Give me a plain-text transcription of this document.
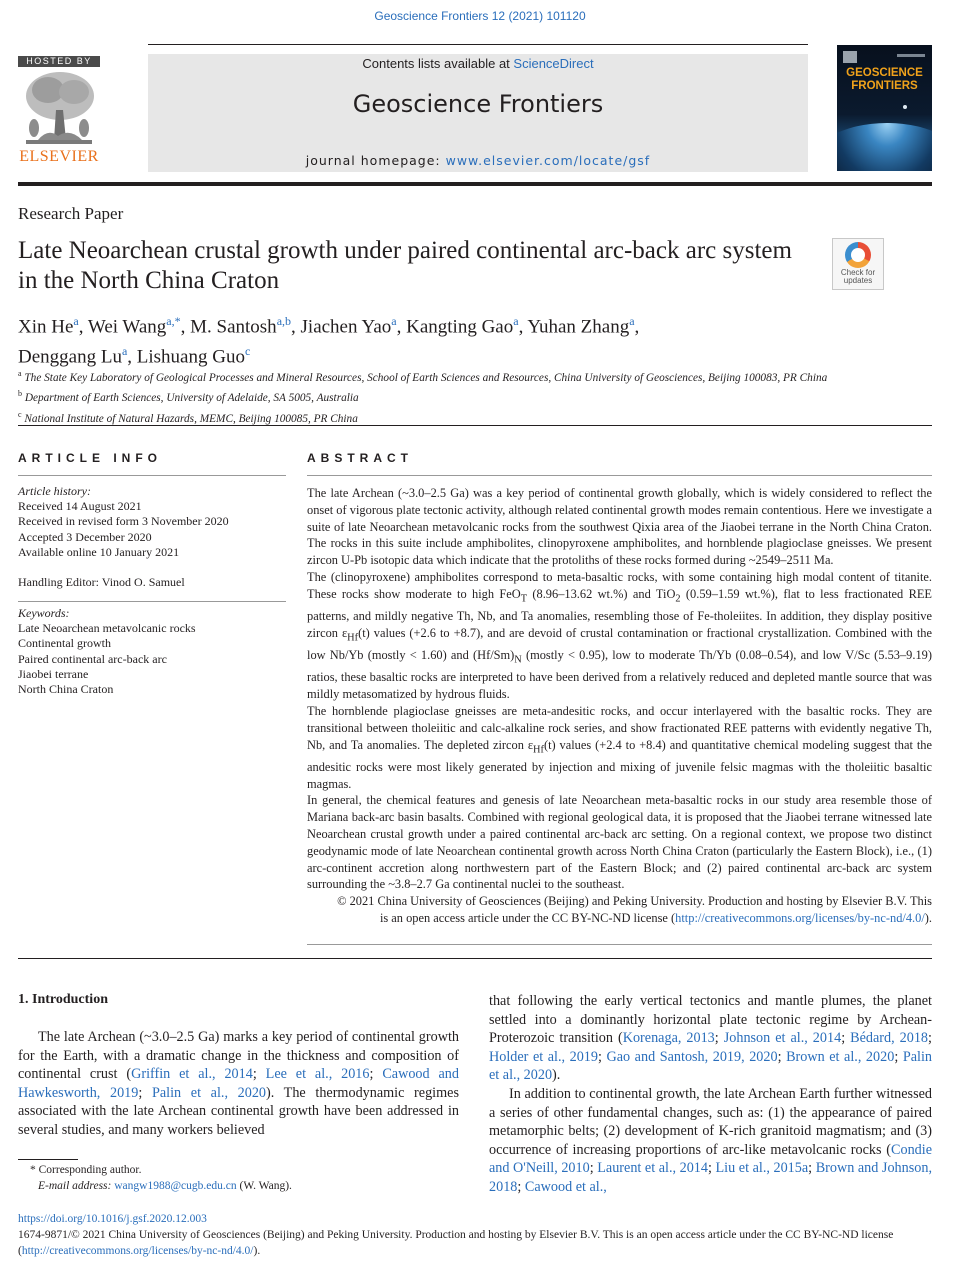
Geoscience Frontiers 12 (2021) 101120
HOSTED BY
ELSEVIER
Contents lists available at ScienceDirect
Geoscience Frontiers
journal homepage: www.elsevier.com/locate/gsf
GEOSCIENCE
FRONTIERS
Research Paper
Late Neoarchean crustal growth under paired continental arc-back arc system in the North China Craton	Check for
updates
Xin He$^a$, Wei Wang$^{a,*}$, M. Santosh$^{a,b}$, Jiachen Yao$^a$, Kangting Gao$^a$, Yuhan Zhang$^a$,
Denggang Lu$^a$, Lishuang Guo$^c$
$^a$ The State Key Laboratory of Geological Processes and Mineral Resources, School of Earth Sciences and Resources, China University of Geosciences, Beijing 100083, PR China
$^b$ Department of Earth Sciences, University of Adelaide, SA 5005, Australia
$^c$ National Institute of Natural Hazards, MEMC, Beijing 100085, PR China
ARTICLE INFO
Article history:
Received 14 August 2021
Received in revised form 3 November 2020
Accepted 3 December 2020
Available online 10 January 2021
Handling Editor: Vinod O. Samuel
Keywords:
Late Neoarchean metavolcanic rocks
Continental growth
Paired continental arc-back arc
Jiaobei terrane
North China Craton
ABSTRACT

The late Archean (~3.0–2.5 Ga) was a key period of continental growth globally, which is widely considered to reflect the onset of vigorous plate tectonic activity, although related continental growth modes remain contentious. Here we investigate a suite of late Neoarchean metavolcanic rocks from the southwest Qixia area of the Jiaobei terrane in the North China Craton. The rocks in this suite include amphibolites, clinopyroxene amphibolites, and hornblende plagioclase gneisses. We present zircon U-Pb isotopic data which indicate that the protoliths of these rocks formed during ~2549–2511 Ma.

The (clinopyroxene) amphibolites correspond to meta-basaltic rocks, with some containing high modal content of titanite. These rocks show moderate to high FeO$_T$ (8.96–13.62 wt.%) and TiO$_2$ (0.59–1.59 wt.%), flat to less fractionated REE patterns, and mildly negative Th, Nb, and Ta anomalies, resembling those of Fe-tholeiites. In addition, they display positive zircon $\varepsilon_{Hf}(t)$ values (+2.6 to +8.7), and are devoid of crustal contamination or fractional crystallization. Combined with the low Nb/Yb (mostly < 1.60) and $(Hf/Sm)_N$ (mostly < 0.95), low to moderate Th/Yb (0.08–0.54), and low V/Sc (5.53–9.19) ratios, these basaltic rocks are interpreted to have been derived from a relatively reduced and depleted mantle source that was mildly metasomatized by hydrous fluids.

The hornblende plagioclase gneisses are meta-andesitic rocks, and occur interlayered with the basaltic rocks. They are transitional between tholeiitic and calc-alkaline rock series, and show fractionated REE patterns with evidently negative Th, Nb, and Ta anomalies. The depleted zircon $\varepsilon_{Hf}(t)$ values (+2.4 to +8.4) and quantitative chemical modeling suggest that the andesitic rocks were most likely generated by injection and mixing of juvenile felsic magmas with the tholeiitic basaltic magmas.

In general, the chemical features and genesis of late Neoarchean meta-basaltic rocks in our study area resemble those of Mariana back-arc basin basalts. Combined with regional geological data, it is proposed that the Jiaobei terrane witnessed late Neoarchean crustal growth under a paired continental arc-back arc setting. On a regional context, we propose two distinct geodynamic mode of late Neoarchean continental growth across North China Craton (particularly the Eastern Block), i.e., (1) arc-continent accretion along northwestern part of the Eastern Block; and (2) paired continental arc-back arc system surrounding the ~3.8–2.7 Ga continental nuclei to the southeast.

© 2021 China University of Geosciences (Beijing) and Peking University. Production and hosting by Elsevier B.V. This
is an open access article under the CC BY-NC-ND license (http://creativecommons.org/licenses/by-nc-nd/4.0/).

1. Introduction

The late Archean (~3.0–2.5 Ga) marks a key period of continental growth for the Earth, with a dramatic change in the thickness and composition of continental crust (Griffin et al., 2014; Lee et al., 2016; Cawood and Hawkesworth, 2019; Palin et al., 2020). The thermodynamic regimes associated with the late Archean continental growth have been addressed in several studies, and many workers believed

that following the early vertical tectonics and mantle plumes, the planet settled into a dominantly horizontal plate tectonic regime by Archean-Proterozoic transition (Korenaga, 2013; Johnson et al., 2014; Bédard, 2018; Holder et al., 2019; Gao and Santosh, 2019, 2020; Brown et al., 2020; Palin et al., 2020).

In addition to continental growth, the late Archean Earth further witnessed a series of other fundamental changes, such as: (1) the appearance of paired metamorphic belts; (2) development of K-rich granitoid magmatism; and (3) occurrence of increasing proportions of arc-like metavolcanic rocks (Condie and O'Neill, 2010; Laurent et al., 2014; Liu et al., 2015a; Brown and Johnson, 2018; Cawood et al.,

* Corresponding author.
E-mail address: wangw1988@cugb.edu.cn (W. Wang).
https://doi.org/10.1016/j.gsf.2020.12.003
1674-9871/© 2021 China University of Geosciences (Beijing) and Peking University. Production and hosting by Elsevier B.V. This is an open access article under the CC BY-NC-ND license
(http://creativecommons.org/licenses/by-nc-nd/4.0/).
